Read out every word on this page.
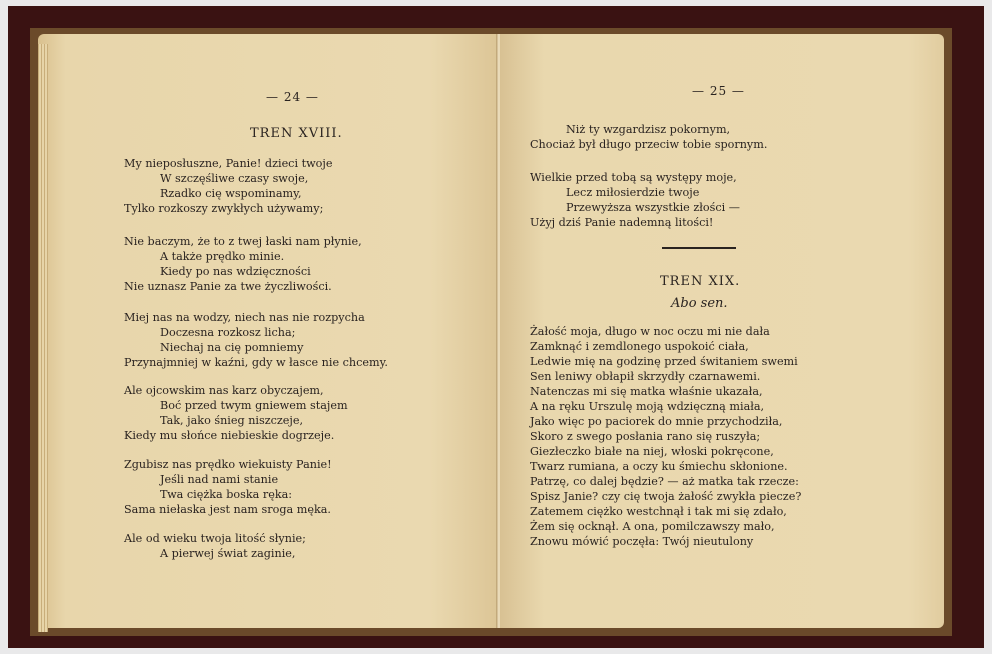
— 24 —
TREN XVIII.
My nieposłuszne, Panie! dzieci twoje
W szczęśliwe czasy swoje,
Rzadko cię wspominamy,
Tylko rozkoszy zwykłych używamy;
Nie baczym, że to z twej łaski nam płynie,
A także prędko minie.
Kiedy po nas wdzięczności
Nie uznasz Panie za twe życzliwości.
Miej nas na wodzy, niech nas nie rozpycha
Doczesna rozkosz licha;
Niechaj na cię pomniemy
Przynajmniej w kaźni, gdy w łasce nie chcemy.
Ale ojcowskim nas karz obyczajem,
Boć przed twym gniewem stajem
Tak, jako śnieg niszczeje,
Kiedy mu słońce niebieskie dogrzeje.
Zgubisz nas prędko wiekuisty Panie!
Jeśli nad nami stanie
Twa ciężka boska ręka:
Sama niełaska jest nam sroga męka.
Ale od wieku twoja litość słynie;
A pierwej świat zaginie,
— 25 —
Niż ty wzgardzisz pokornym,
Chociaż był długo przeciw tobie spornym.
Wielkie przed tobą są występy moje,
Lecz miłosierdzie twoje
Przewyższa wszystkie złości —
Użyj dziś Panie nademną litości!
TREN XIX.
Abo sen.
Żałość moja, długo w noc oczu mi nie dała
Zamknąć i zemdlonego uspokoić ciała,
Ledwie mię na godzinę przed świtaniem swemi
Sen leniwy obłapił skrzydły czarnawemi.
Natenczas mi się matka właśnie ukazała,
A na ręku Urszulę moją wdzięczną miała,
Jako więc po paciorek do mnie przychodziła,
Skoro z swego posłania rano się ruszyła;
Giezłeczko białe na niej, włoski pokręcone,
Twarz rumiana, a oczy ku śmiechu skłonione.
Patrzę, co dalej będzie? — aż matka tak rzecze:
Spisz Janie? czy cię twoja żałość zwykła piecze?
Zatemem ciężko westchnął i tak mi się zdało,
Żem się ocknął. A ona, pomilczawszy mało,
Znowu mówić poczęła: Twój nieutulony
